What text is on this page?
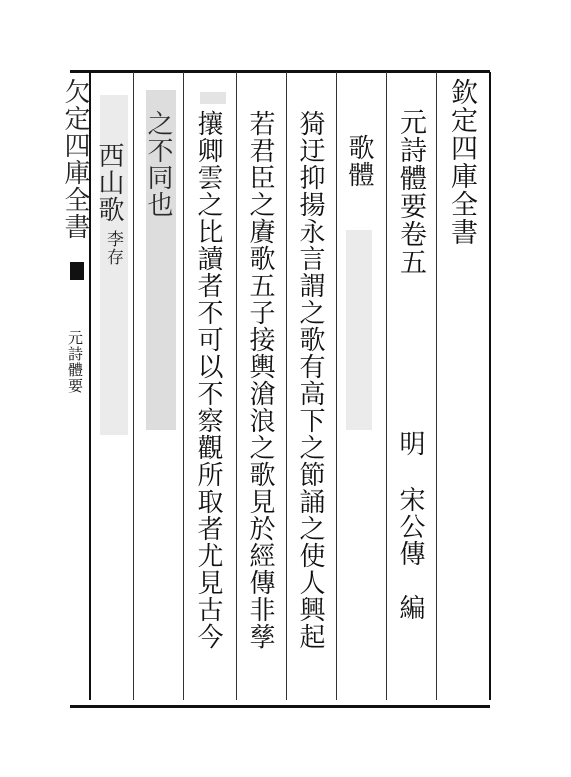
欠定四庫全書
元詩體要
欽定四庫全書
元詩體要卷五
明
宋公傳
編
歌體
猗迂抑揚永言謂之歌有高下之節誦之使人興起
若君臣之賡歌五子接輿滄浪之歌見於經傳非孳
攘卿雲之比讀者不可以不察觀所取者尤見古今
之不同也
西山歌
李存
